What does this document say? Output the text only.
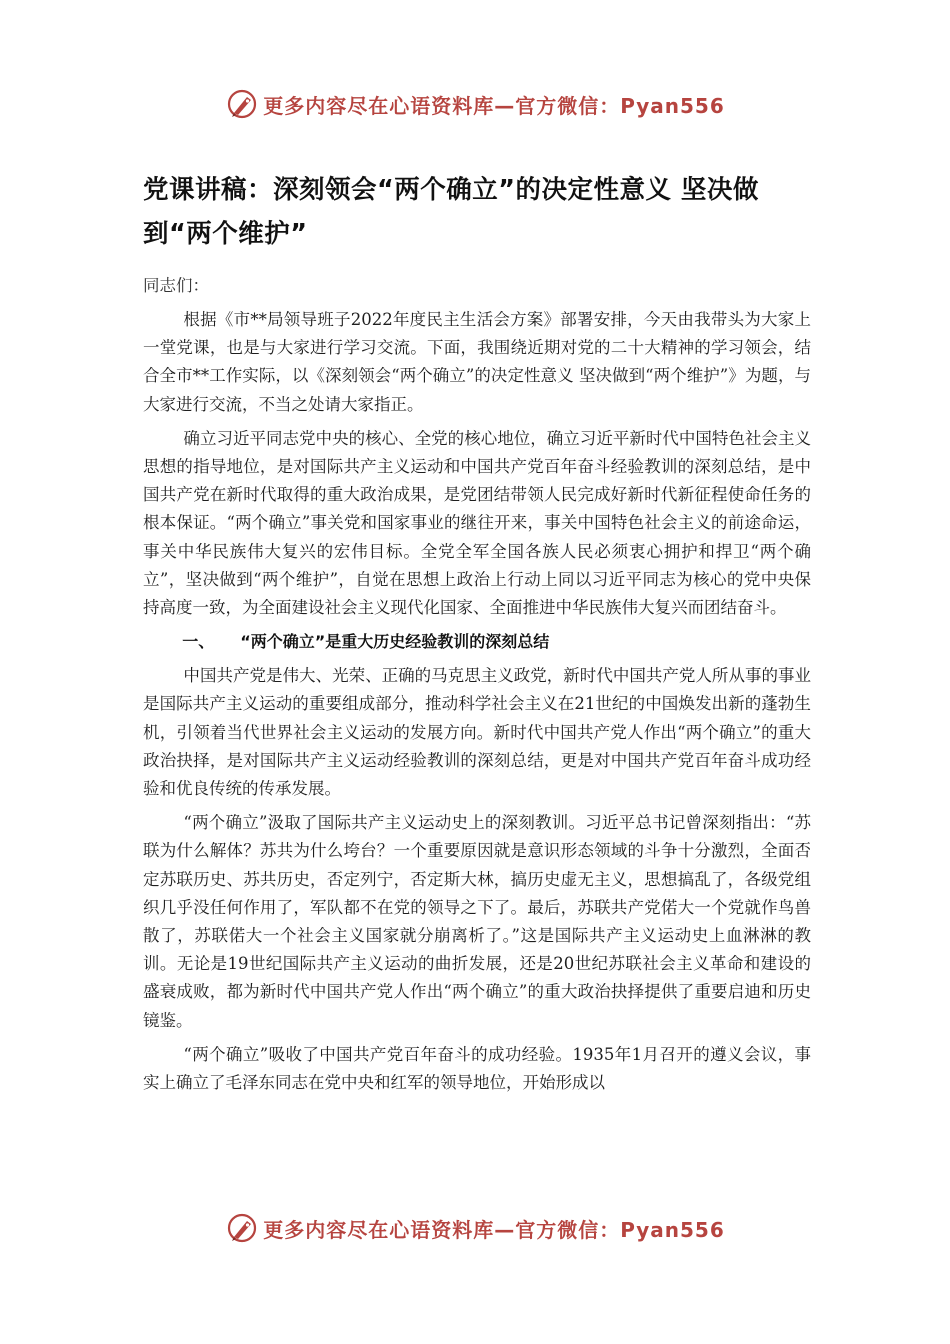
更多内容尽在心语资料库—官方微信：Pyan556
党课讲稿：深刻领会“两个确立”的决定性意义 坚决做到“两个维护”

同志们：

根据《市**局领导班子2022年度民主生活会方案》部署安排，今天由我带头为大家上一堂党课，也是与大家进行学习交流。下面，我围绕近期对党的二十大精神的学习领会，结合全市**工作实际，以《深刻领会“两个确立”的决定性意义 坚决做到“两个维护”》为题，与大家进行交流，不当之处请大家指正。

确立习近平同志党中央的核心、全党的核心地位，确立习近平新时代中国特色社会主义思想的指导地位，是对国际共产主义运动和中国共产党百年奋斗经验教训的深刻总结，是中国共产党在新时代取得的重大政治成果，是党团结带领人民完成好新时代新征程使命任务的根本保证。“两个确立”事关党和国家事业的继往开来，事关中国特色社会主义的前途命运，事关中华民族伟大复兴的宏伟目标。全党全军全国各族人民必须衷心拥护和捍卫“两个确立”，坚决做到“两个维护”，自觉在思想上政治上行动上同以习近平同志为核心的党中央保持高度一致，为全面建设社会主义现代化国家、全面推进中华民族伟大复兴而团结奋斗。

一、 “两个确立”是重大历史经验教训的深刻总结

中国共产党是伟大、光荣、正确的马克思主义政党，新时代中国共产党人所从事的事业是国际共产主义运动的重要组成部分，推动科学社会主义在21世纪的中国焕发出新的蓬勃生机，引领着当代世界社会主义运动的发展方向。新时代中国共产党人作出“两个确立”的重大政治抉择，是对国际共产主义运动经验教训的深刻总结，更是对中国共产党百年奋斗成功经验和优良传统的传承发展。

“两个确立”汲取了国际共产主义运动史上的深刻教训。习近平总书记曾深刻指出：“苏联为什么解体？苏共为什么垮台？一个重要原因就是意识形态领域的斗争十分激烈，全面否定苏联历史、苏共历史，否定列宁，否定斯大林，搞历史虚无主义，思想搞乱了，各级党组织几乎没任何作用了，军队都不在党的领导之下了。最后，苏联共产党偌大一个党就作鸟兽散了，苏联偌大一个社会主义国家就分崩离析了。”这是国际共产主义运动史上血淋淋的教训。无论是19世纪国际共产主义运动的曲折发展，还是20世纪苏联社会主义革命和建设的盛衰成败，都为新时代中国共产党人作出“两个确立”的重大政治抉择提供了重要启迪和历史镜鉴。

“两个确立”吸收了中国共产党百年奋斗的成功经验。1935年1月召开的遵义会议，事实上确立了毛泽东同志在党中央和红军的领导地位，开始形成以

更多内容尽在心语资料库—官方微信：Pyan556
